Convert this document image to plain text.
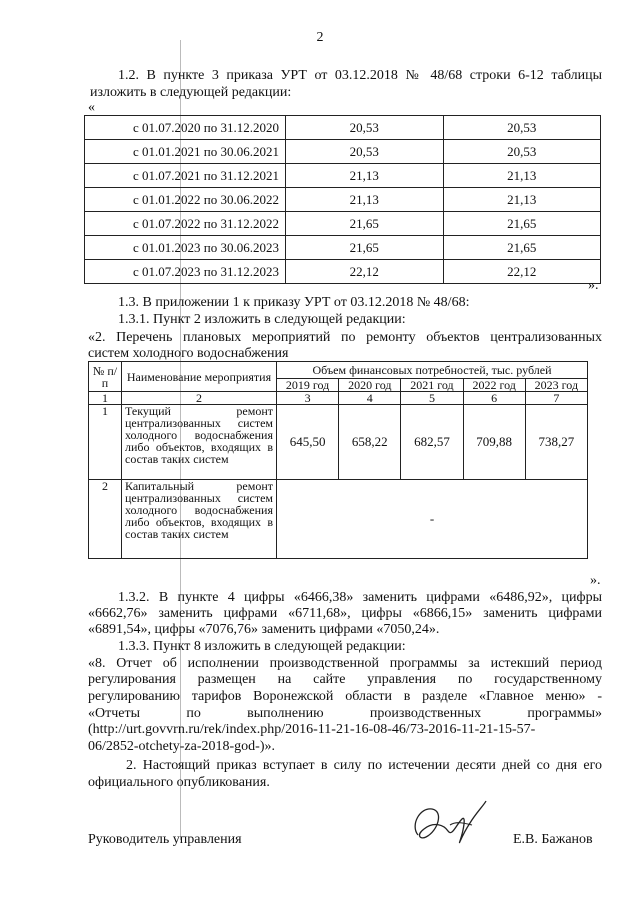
2
1.2. В пункте 3 приказа УРТ от 03.12.2018 № 48/68 строки 6-12 таблицы
изложить в следующей редакции:
«
с 01.07.2020 по 31.12.2020	20,53	20,53
с 01.01.2021 по 30.06.2021	20,53	20,53
с 01.07.2021 по 31.12.2021	21,13	21,13
с 01.01.2022 по 30.06.2022	21,13	21,13
с 01.07.2022 по 31.12.2022	21,65	21,65
с 01.01.2023 по 30.06.2023	21,65	21,65
с 01.07.2023 по 31.12.2023	22,12	22,12
».
1.3. В приложении 1 к приказу УРТ от 03.12.2018 № 48/68:
1.3.1. Пункт 2 изложить в следующей редакции:
«2. Перечень плановых мероприятий по ремонту объектов централизованных
систем холодного водоснабжения
№ п/п	Наименование мероприятия	Объем финансовых потребностей, тыс. рублей				
		2019 год	2020 год	2021 год	2022 год	2023 год
1	2	3	4	5	6	7
1	Текущий ремонт централизованных систем холодного водоснабжения либо объектов, входящих в состав таких систем	645,50	658,22	682,57	709,88	738,27
2	Капитальный ремонт централизованных систем холодного водоснабжения либо объектов, входящих в состав таких систем	-				
».
1.3.2. В пункте 4 цифры «6466,38» заменить цифрами «6486,92», цифры
«6662,76» заменить цифрами «6711,68», цифры «6866,15» заменить цифрами
«6891,54», цифры «7076,76» заменить цифрами «7050,24».
1.3.3. Пункт 8 изложить в следующей редакции:
«8. Отчет об исполнении производственной программы за истекший период
регулирования размещен на сайте управления по государственному
регулированию тарифов Воронежской области в разделе «Главное меню» -
«Отчеты по выполнению производственных программы»
(http://urt.govvrn.ru/rek/index.php/2016-11-21-16-08-46/73-2016-11-21-15-57-
06/2852-otchety-za-2018-god-)».
2. Настоящий приказ вступает в силу по истечении десяти дней со дня его
официального опубликования.
Руководитель управления	Е.В. Бажанов
